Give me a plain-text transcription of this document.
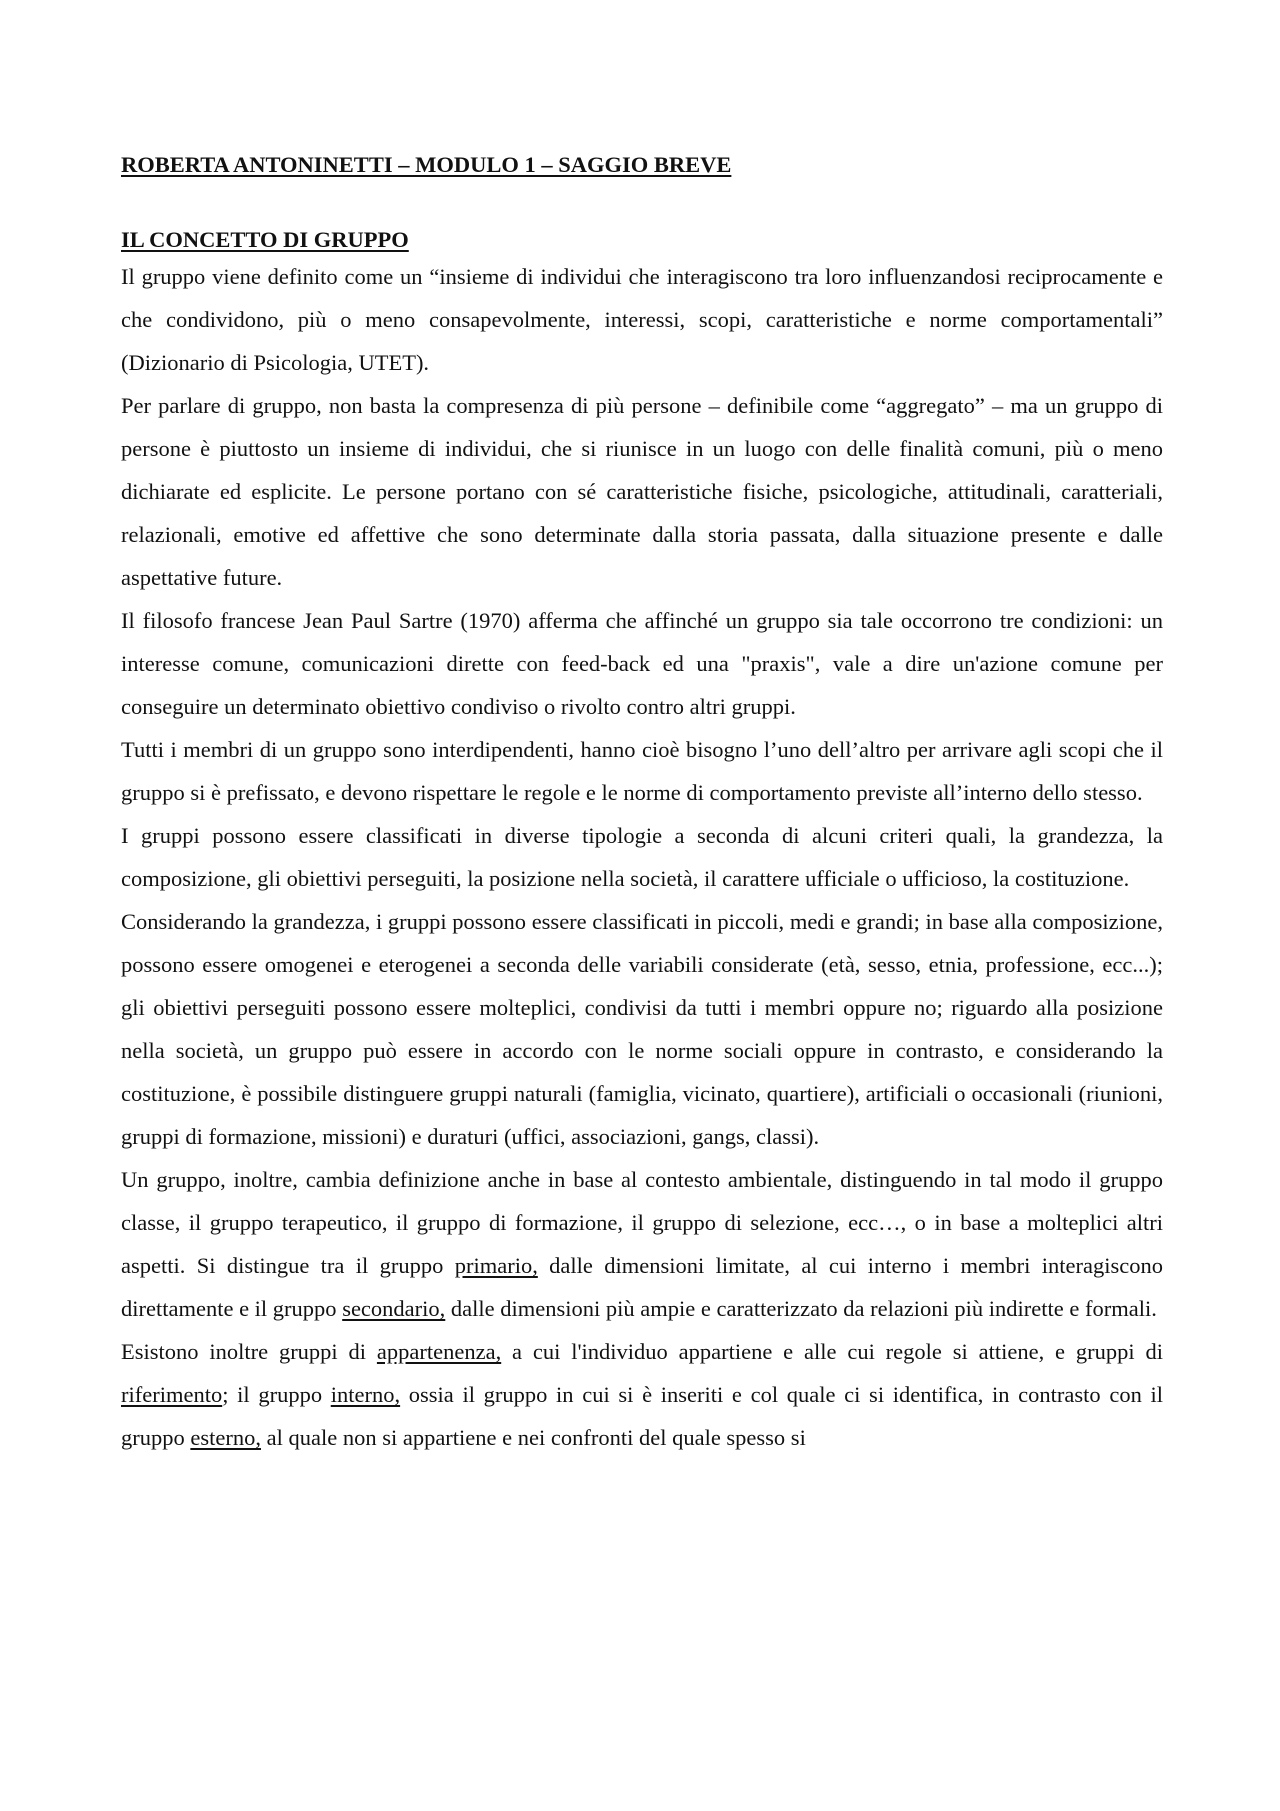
ROBERTA ANTONINETTI – MODULO 1 – SAGGIO BREVE
IL CONCETTO DI GRUPPO

Il gruppo viene definito come un “insieme di individui che interagiscono tra loro influenzandosi reciprocamente e che condividono, più o meno consapevolmente, interessi, scopi, caratteristiche e norme comportamentali” (Dizionario di Psicologia, UTET).

Per parlare di gruppo, non basta la compresenza di più persone – definibile come “aggregato” – ma un gruppo di persone è piuttosto un insieme di individui, che si riunisce in un luogo con delle finalità comuni, più o meno dichiarate ed esplicite. Le persone portano con sé caratteristiche fisiche, psicologiche, attitudinali, caratteriali, relazionali, emotive ed affettive che sono determinate dalla storia passata, dalla situazione presente e dalle aspettative future.

Il filosofo francese Jean Paul Sartre (1970) afferma che affinché un gruppo sia tale occorrono tre condizioni: un interesse comune, comunicazioni dirette con feed-back ed una "praxis", vale a dire un'azione comune per conseguire un determinato obiettivo condiviso o rivolto contro altri gruppi.

Tutti i membri di un gruppo sono interdipendenti, hanno cioè bisogno l’uno dell’altro per arrivare agli scopi che il gruppo si è prefissato, e devono rispettare le regole e le norme di comportamento previste all’interno dello stesso.

I gruppi possono essere classificati in diverse tipologie a seconda di alcuni criteri quali, la grandezza, la composizione, gli obiettivi perseguiti, la posizione nella società, il carattere ufficiale o ufficioso, la costituzione.

Considerando la grandezza, i gruppi possono essere classificati in piccoli, medi e grandi; in base alla composizione, possono essere omogenei e eterogenei a seconda delle variabili considerate (età, sesso, etnia, professione, ecc...); gli obiettivi perseguiti possono essere molteplici, condivisi da tutti i membri oppure no; riguardo alla posizione nella società, un gruppo può essere in accordo con le norme sociali oppure in contrasto, e considerando la costituzione, è possibile distinguere gruppi naturali (famiglia, vicinato, quartiere), artificiali o occasionali (riunioni, gruppi di formazione, missioni) e duraturi (uffici, associazioni, gangs, classi).

Un gruppo, inoltre, cambia definizione anche in base al contesto ambientale, distinguendo in tal modo il gruppo classe, il gruppo terapeutico, il gruppo di formazione, il gruppo di selezione, ecc…, o in base a molteplici altri aspetti. Si distingue tra il gruppo primario, dalle dimensioni limitate, al cui interno i membri interagiscono direttamente e il gruppo secondario, dalle dimensioni più ampie e caratterizzato da relazioni più indirette e formali.

Esistono inoltre gruppi di appartenenza, a cui l'individuo appartiene e alle cui regole si attiene, e gruppi di riferimento; il gruppo interno, ossia il gruppo in cui si è inseriti e col quale ci si identifica, in contrasto con il gruppo esterno, al quale non si appartiene e nei confronti del quale spesso si
